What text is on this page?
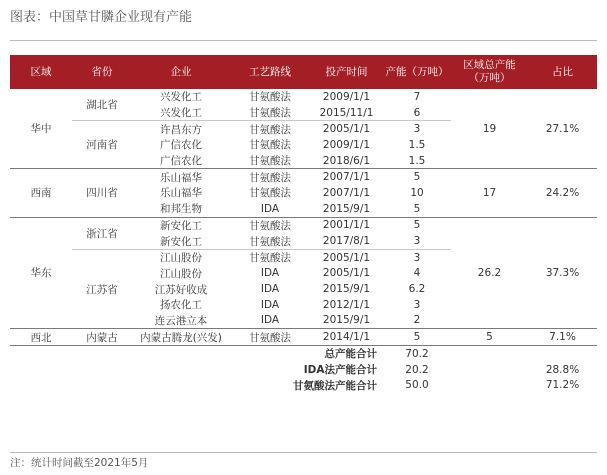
图表：中国草甘膦企业现有产能
区域	省份	企业	工艺路线	投产时间	产能（万吨）	区域总产能（万吨）	占比
华中	湖北省	兴发化工	甘氨酸法	2009/1/1	7	19	27.1%
		兴发化工	甘氨酸法	2015/11/1	6		
	河南省	许昌东方	甘氨酸法	2005/1/1	3		
		广信农化	甘氨酸法	2009/1/1	1.5		
		广信农化	甘氨酸法	2018/6/1	1.5		
西南	四川省	乐山福华	甘氨酸法	2007/1/1	5	17	24.2%
		乐山福华	甘氨酸法	2007/1/1	10		
		和邦生物	IDA	2015/9/1	5		
华东	浙江省	新安化工	甘氨酸法	2001/1/1	5	26.2	37.3%
		新安化工	甘氨酸法	2017/8/1	3		
	江苏省	江山股份	甘氨酸法	2005/1/1	3		
		江山股份	IDA	2005/1/1	4		
		江苏好收成	IDA	2015/9/1	6.2		
		扬农化工	IDA	2012/1/1	3		
		连云港立本	IDA	2015/9/1	2		
西北	内蒙古	内蒙古腾龙(兴发)	甘氨酸法	2014/1/1	5	5	7.1%
总产能合计					70.2		
IDA法产能合计					20.2		28.8%
甘氨酸法产能合计					50.0		71.2%
注：统计时间截至2021年5月
